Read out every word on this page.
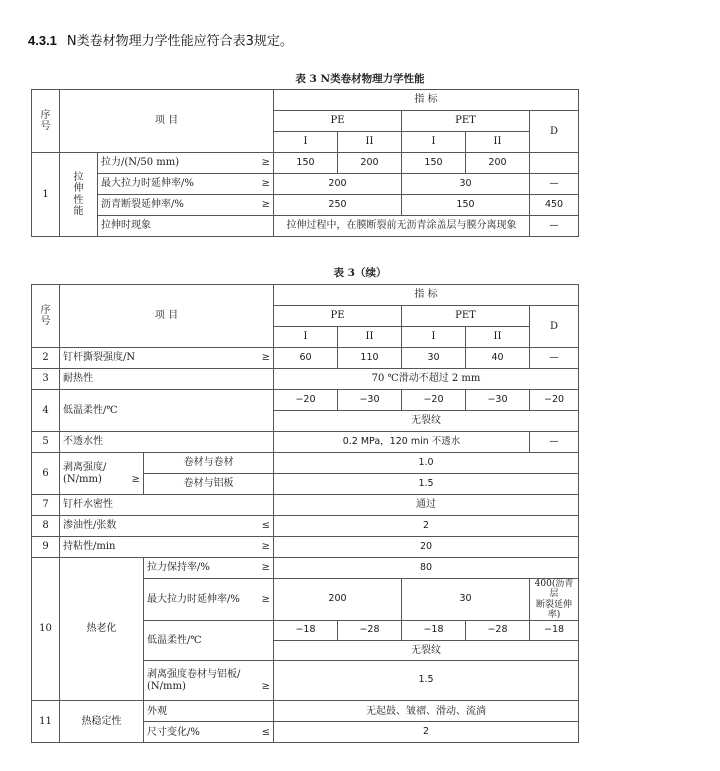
4.3.1 N类卷材物理力学性能应符合表3规定。
表 3 N类卷材物理力学性能
序
号	项 目		指 标				
			PE		PET		D
			I	II	I	II	
1	拉
伸
性
能	拉力/(N/50 mm) ≥	150	200	150	200	

		最大拉力时延伸率/% ≥	200		30		—

		沥青断裂延伸率/% ≥	250		150		450
		拉伸时现象	拉伸过程中，在膜断裂前无沥青涂盖层与膜分离现象				—
表 3（续）
序
号	项 目		指 标				
			PE		PET		D
			I	II	I	II	
2	钉杆撕裂强度/N ≥		60	110	30	40	—
3	耐热性		70 ℃滑动不超过 2 mm				
4	低温柔性/℃		−20	−30	−20	−30	−20
			无裂纹				
5	不透水性		0.2 MPa，120 min 不透水				—
6	剥离强度/
(N/mm) ≥	卷材与卷材	1.0				
		卷材与铝板	1.5				
7	钉杆水密性		通过				
8	渗油性/张数 ≤		2				
9	持粘性/min ≥		20				
10	热老化	拉力保持率/% ≥	80				

		最大拉力时延伸率/% ≥	200		30		400(沥青层
断裂延伸率)

		低温柔性/℃	−18	−28	−18	−28	−18
			无裂纹				

		剥离强度卷材与铝板/
(N/mm) ≥	1.5				

11	热稳定性	外观	无起鼓、皱褶、滑动、流淌				

		尺寸变化/% ≤	2				
